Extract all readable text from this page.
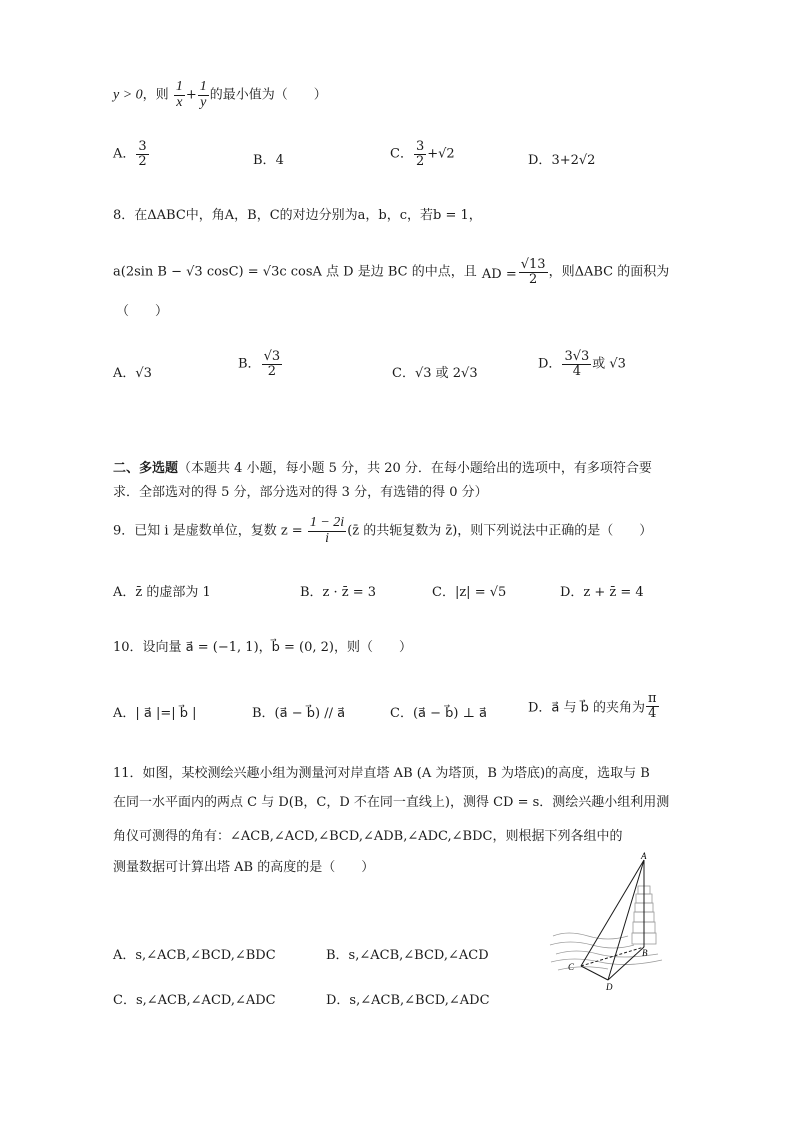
y > 0，则 $\frac{1}{x} + \frac{1}{y}$ 的最小值为（　　）
A． $\frac{3}{2}$	B．4	C． $\frac{3}{2} +√2$	D．3+2√2
8．在ΔABC中，角A，B，C的对边分别为a，b，c，若b = 1，
a(2sin B − √3 cosC) = √3c cosA 点 D 是边 BC 的中点，且 AD = $\frac{√13}{2}$ ，则ΔABC 的面积为
（　　）
A．√3
B． $\frac{√3}{2}$	C．√3 或 2√3
D． $\frac{3√3}{4}$ 或 √3
二、多选题（本题共 4 小题，每小题 5 分，共 20 分．在每小题给出的选项中，有多项符合要
求．全部选对的得 5 分，部分选对的得 3 分，有选错的得 0 分）
9．已知 i 是虚数单位，复数 $z = \frac{1 - 2i}{i}$ (z̄ 的共轭复数为 z̄)，则下列说法中正确的是（　　）
A．z̄ 的虚部为 1	B．z · z̄ = 3	C．|z| = √5	D．z + z̄ = 4
10．设向量 a⃗ = (−1, 1)，b⃗ = (0, 2)，则（　　）
A．| a⃗ |=| b⃗ |	B．(a⃗ − b⃗) // a⃗	C．(a⃗ − b⃗) ⊥ a⃗	D．a⃗ 与 b⃗ 的夹角为 $\frac{\pi}{4}$
11．如图，某校测绘兴趣小组为测量河对岸直塔 AB (A 为塔顶，B 为塔底)的高度，选取与 B
在同一水平面内的两点 C 与 D(B，C，D 不在同一直线上)，测得 CD = s．测绘兴趣小组利用测
角仪可测得的角有：∠ACB,∠ACD,∠BCD,∠ADB,∠ADC,∠BDC，则根据下列各组中的
测量数据可计算出塔 AB 的高度的是（　　）
A．s,∠ACB,∠BCD,∠BDC	B．s,∠ACB,∠BCD,∠ACD
C．s,∠ACB,∠ACD,∠ADC	D．s,∠ACB,∠BCD,∠ADC
A
B
C
D
